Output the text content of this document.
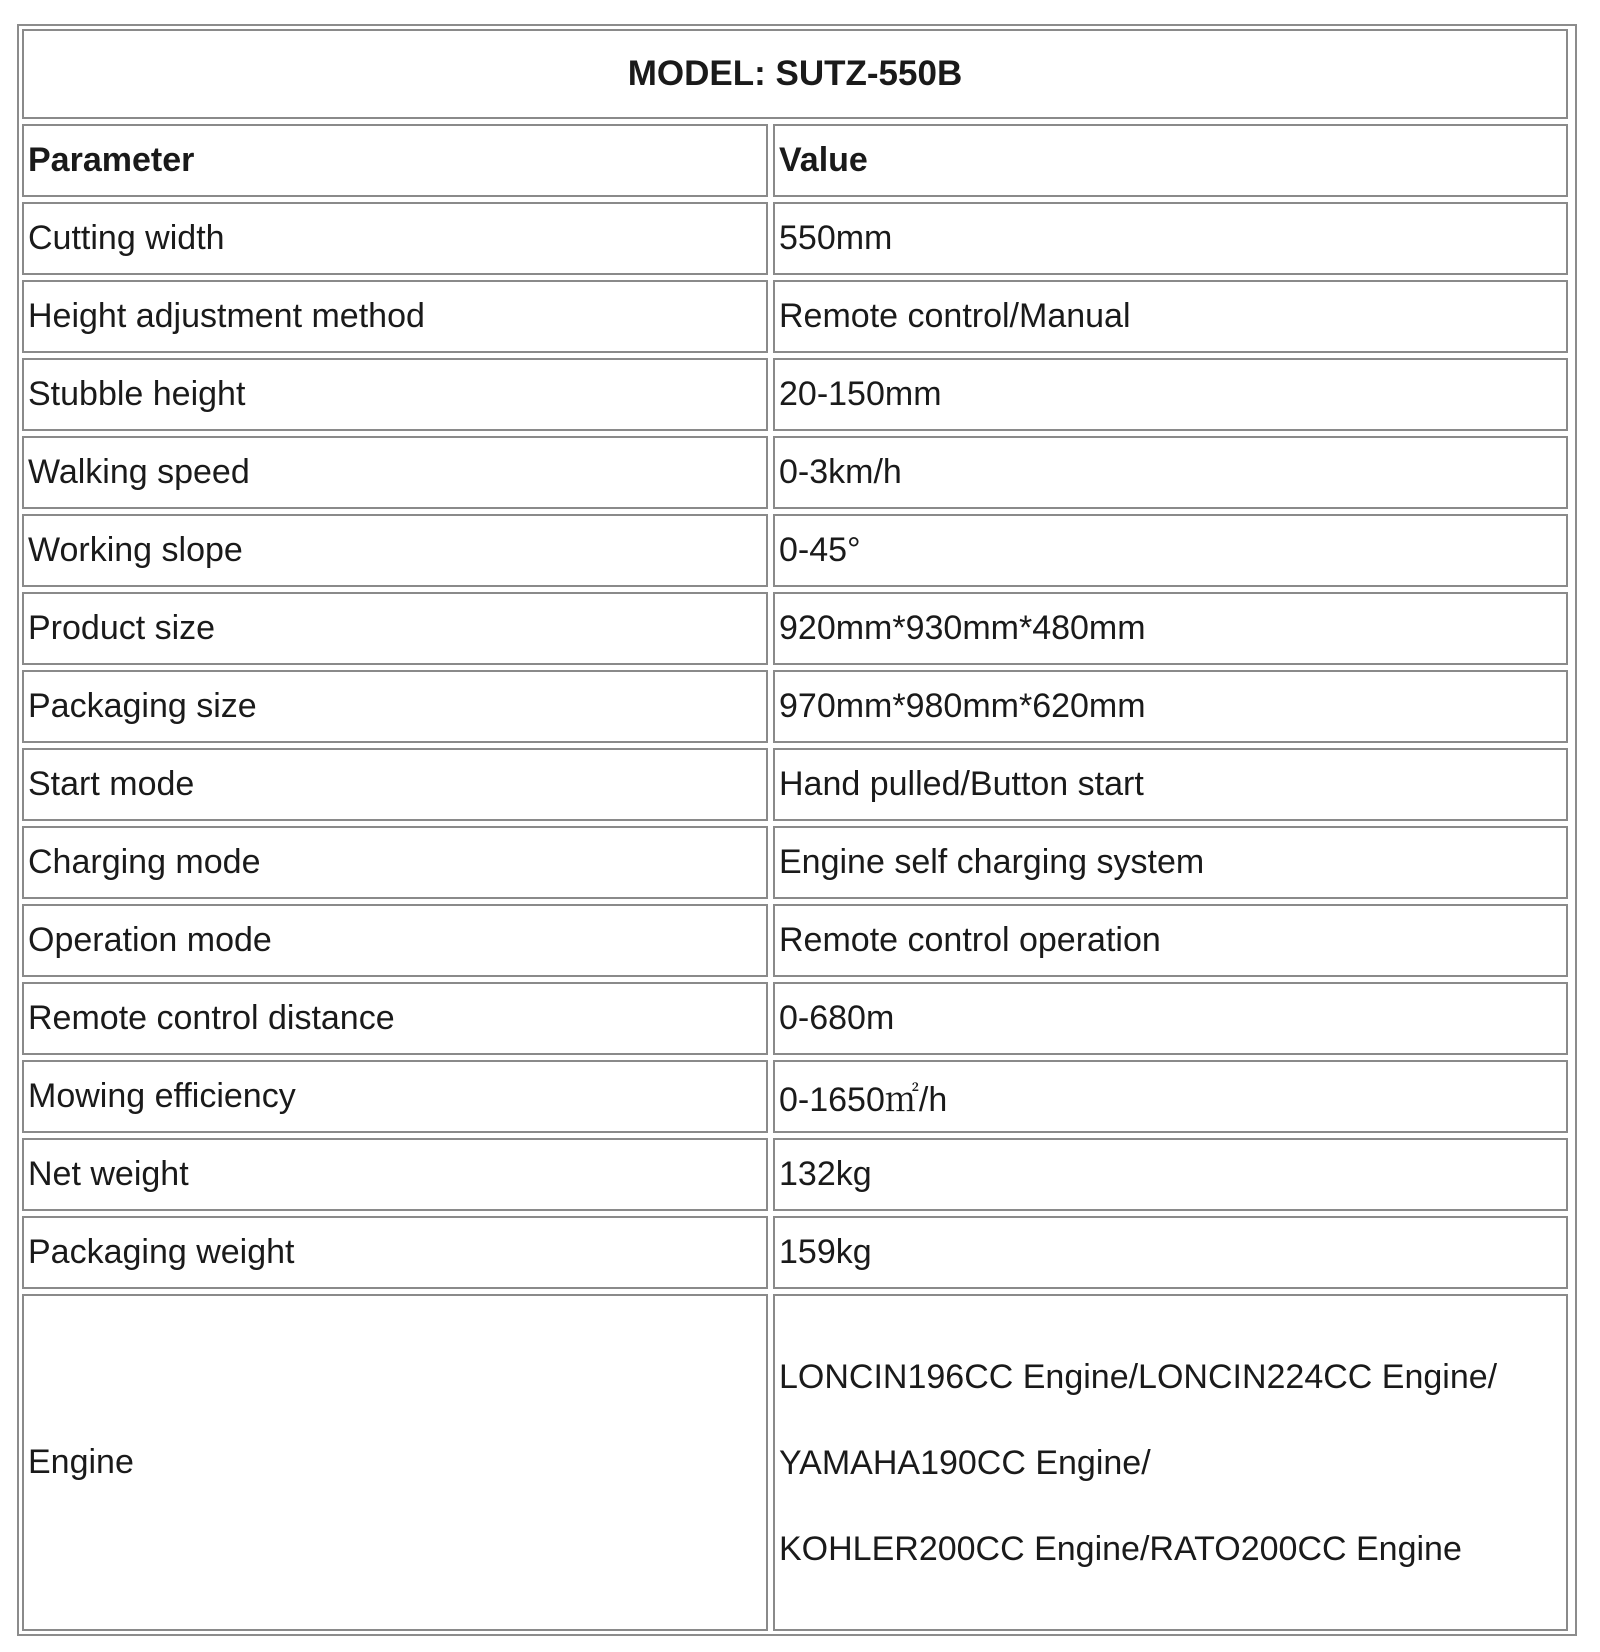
MODEL: SUTZ-550B	
Parameter	Value
Cutting width	550mm
Height adjustment method	Remote control/Manual
Stubble height	20-150mm
Walking speed	0-3km/h
Working slope	0-45°
Product size	920mm*930mm*480mm
Packaging size	970mm*980mm*620mm
Start mode	Hand pulled/Button start
Charging mode	Engine self charging system
Operation mode	Remote control operation
Remote control distance	0-680m
Mowing efficiency	0-1650㎡/h
Net weight	132kg
Packaging weight	159kg
Engine	LONCIN196CC Engine/LONCIN224CC Engine/
YAMAHA190CC Engine/
KOHLER200CC Engine/RATO200CC Engine
